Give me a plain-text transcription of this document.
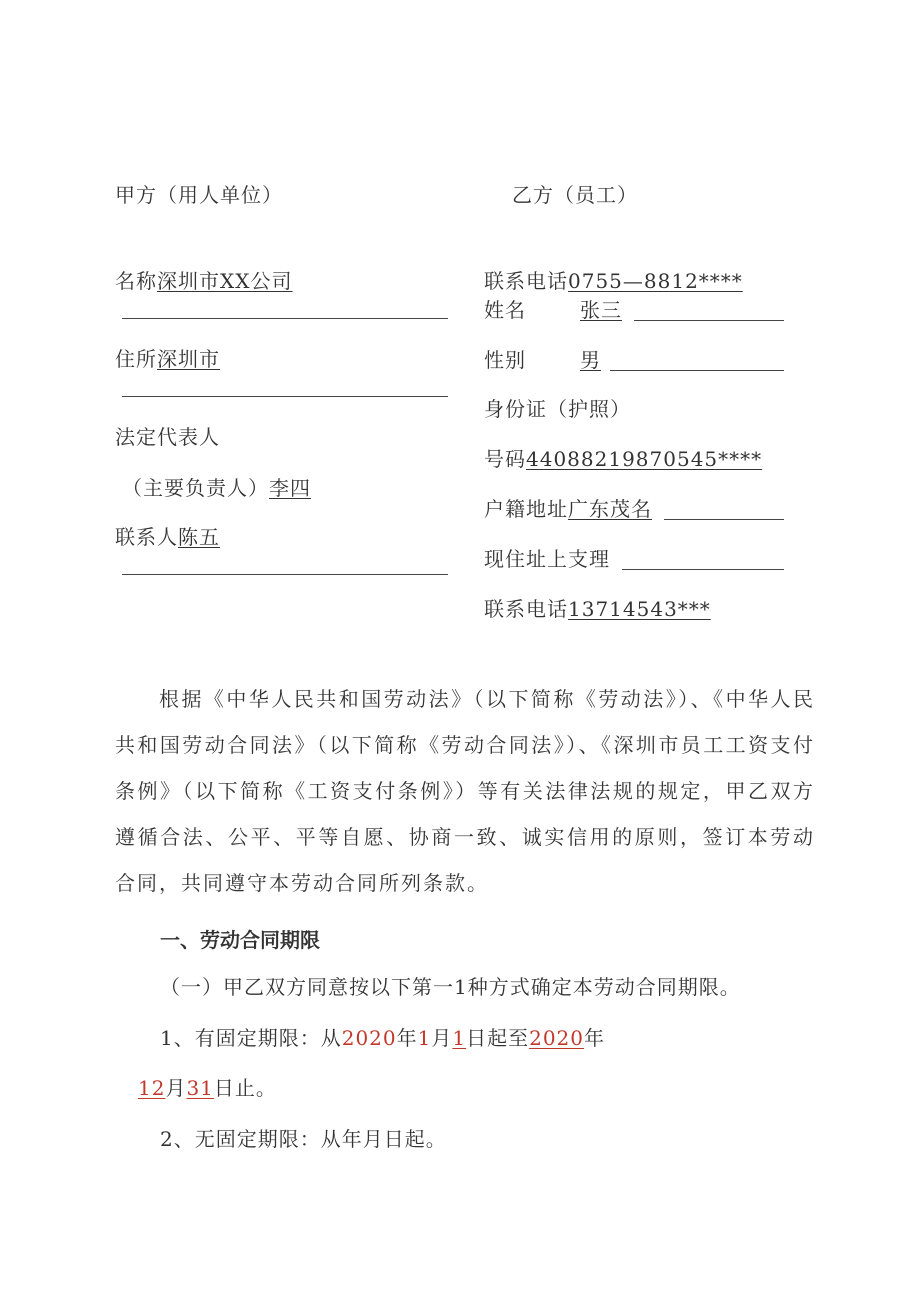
甲方（用人单位）
名称深圳市XX公司
住所深圳市
法定代表人
（主要负责人）李四
联系人陈五
乙方（员工）
联系电话0755—8812****
姓名	张三
性别	男
身份证（护照）
号码44088219870545****
户籍地址广东茂名
现住址上支理
联系电话13714543***
根据《中华人民共和国劳动法》（以下简称《劳动法》）、《中华人民共和国劳动合同法》（以下简称《劳动合同法》）、《深圳市员工工资支付条例》（以下简称《工资支付条例》）等有关法律法规的规定，甲乙双方遵循合法、公平、平等自愿、协商一致、诚实信用的原则，签订本劳动合同，共同遵守本劳动合同所列条款。
一、劳动合同期限
（一）甲乙双方同意按以下第一1种方式确定本劳动合同期限。
1、有固定期限：从2020年1月1日起至2020年
12月31日止。
2、无固定期限：从年月日起。
